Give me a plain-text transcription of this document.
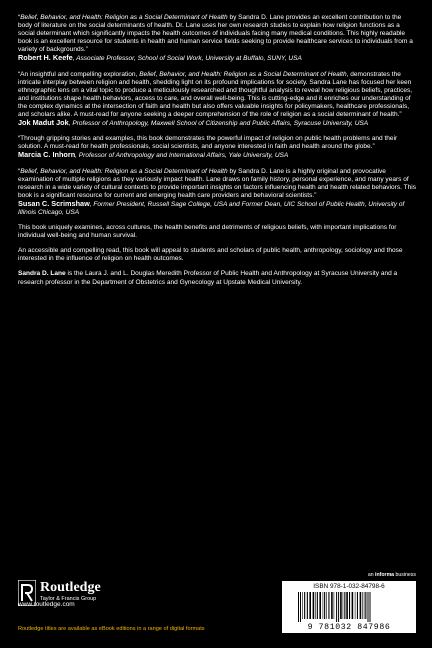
“Belief, Behavior, and Health: Religion as a Social Determinant of Health by Sandra D. Lane provides an excellent contribution to the body of literature on the social determinants of health. Dr. Lane uses her own research studies to explain how religion functions as a social determinant which significantly impacts the health outcomes of individuals facing many medical conditions. This highly readable book is an excellent resource for students in health and human service fields seeking to provide healthcare services to individuals from a variety of backgrounds.”

Robert H. Keefe, Associate Professor, School of Social Work, University at Buffalo, SUNY, USA

“An insightful and compelling exploration, Belief, Behavior, and Health: Religion as a Social Determinant of Health, demonstrates the intricate interplay between religion and health, shedding light on its profound implications for society. Sandra Lane has focused her keen ethnographic lens on a vital topic to produce a meticulously researched and thoughtful analysis to reveal how religious beliefs, practices, and institutions shape health behaviors, access to care, and overall well-being. This is cutting-edge and it enriches our understanding of the complex dynamics at the intersection of faith and health but also offers valuable insights for policymakers, healthcare professionals, and scholars alike. A must-read for anyone seeking a deeper comprehension of the role of religion as a social determinant of health.”

Jok Madut Jok, Professor of Anthropology, Maxwell School of Citizenship and Public Affairs, Syracuse University, USA

“Through gripping stories and examples, this book demonstrates the powerful impact of religion on public health problems and their solution. A must-read for health professionals, social scientists, and anyone interested in faith and health around the globe.”

Marcia C. Inhorn, Professor of Anthropology and International Affairs, Yale University, USA

“Belief, Behavior, and Health: Religion as a Social Determinant of Health by Sandra D. Lane is a highly original and provocative examination of multiple religions as they variously impact health. Lane draws on family history, personal experience, and many years of research in a wide variety of cultural contexts to provide important insights on factors influencing health and health related behaviors. This book is a significant resource for current and emerging health care providers and behavioral scientists.”

Susan C. Scrimshaw, Former President, Russell Sage College, USA and Former Dean, UIC School of Public Health, University of Illinois Chicago, USA

This book uniquely examines, across cultures, the health benefits and detriments of religious beliefs, with important implications for individual well-being and human survival.

An accessible and compelling read, this book will appeal to students and scholars of public health, anthropology, sociology and those interested in the influence of religion on health outcomes.

Sandra D. Lane is the Laura J. and L. Douglas Meredith Professor of Public Health and Anthropology at Syracuse University and a research professor in the Department of Obstetrics and Gynecology at Upstate Medical University.

Routledge
Taylor & Francis Group
www.routledge.com
Routledge titles are available as eBook editions in a range of digital formats
an informa business
ISBN 978-1-032-84798-6
9 781032 847986
